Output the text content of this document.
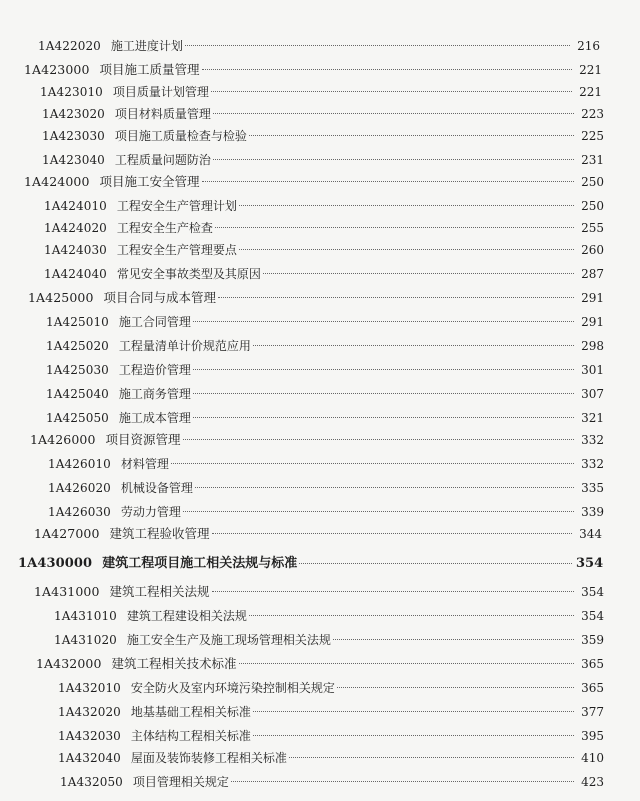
1A422020 施工进度计划	216
1A423000 项目施工质量管理	221
1A423010 项目质量计划管理	221
1A423020 项目材料质量管理	223
1A423030 项目施工质量检查与检验	225
1A423040 工程质量问题防治	231
1A424000 项目施工安全管理	250
1A424010 工程安全生产管理计划	250
1A424020 工程安全生产检查	255
1A424030 工程安全生产管理要点	260
1A424040 常见安全事故类型及其原因	287
1A425000 项目合同与成本管理	291
1A425010 施工合同管理	291
1A425020 工程量清单计价规范应用	298
1A425030 工程造价管理	301
1A425040 施工商务管理	307
1A425050 施工成本管理	321
1A426000 项目资源管理	332
1A426010 材料管理	332
1A426020 机械设备管理	335
1A426030 劳动力管理	339
1A427000 建筑工程验收管理	344
1A430000 建筑工程项目施工相关法规与标准	354
1A431000 建筑工程相关法规	354
1A431010 建筑工程建设相关法规	354
1A431020 施工安全生产及施工现场管理相关法规	359
1A432000 建筑工程相关技术标准	365
1A432010 安全防火及室内环境污染控制相关规定	365
1A432020 地基基础工程相关标准	377
1A432030 主体结构工程相关标准	395
1A432040 屋面及装饰装修工程相关标准	410
1A432050 项目管理相关规定	423
